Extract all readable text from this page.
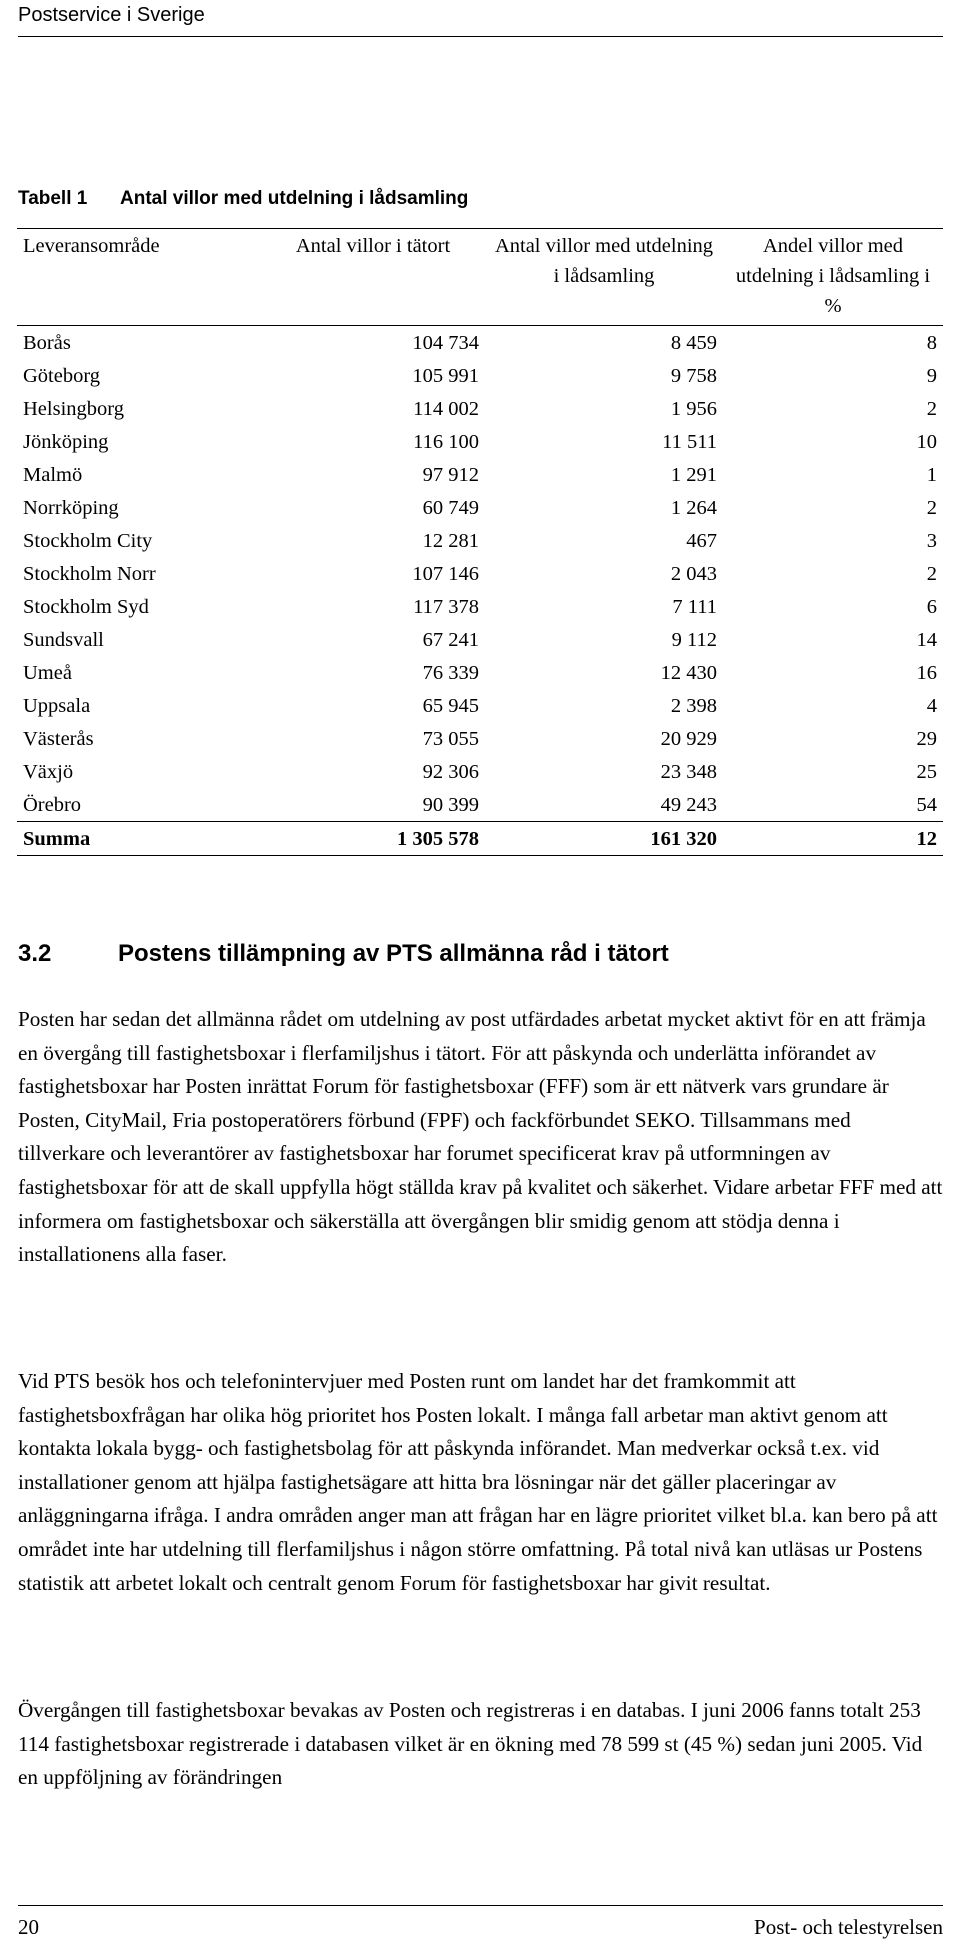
Postservice i Sverige
Tabell 1 Antal villor med utdelning i lådsamling
Leveransområde	Antal villor i tätort	Antal villor med utdelning i lådsamling	Andel villor med utdelning i lådsamling i %
Borås	104 734	8 459	8
Göteborg	105 991	9 758	9
Helsingborg	114 002	1 956	2
Jönköping	116 100	11 511	10
Malmö	97 912	1 291	1
Norrköping	60 749	1 264	2
Stockholm City	12 281	467	3
Stockholm Norr	107 146	2 043	2
Stockholm Syd	117 378	7 111	6
Sundsvall	67 241	9 112	14
Umeå	76 339	12 430	16
Uppsala	65 945	2 398	4
Västerås	73 055	20 929	29
Växjö	92 306	23 348	25
Örebro	90 399	49 243	54
Summa	1 305 578	161 320	12
3.2	Postens tillämpning av PTS allmänna råd i tätort

Posten har sedan det allmänna rådet om utdelning av post utfärdades arbetat mycket aktivt för en att främja en övergång till fastighetsboxar i flerfamiljshus i tätort. För att påskynda och underlätta införandet av fastighetsboxar har Posten inrättat Forum för fastighetsboxar (FFF) som är ett nätverk vars grundare är Posten, CityMail, Fria postoperatörers förbund (FPF) och fackförbundet SEKO. Tillsammans med tillverkare och leverantörer av fastighetsboxar har forumet specificerat krav på utformningen av fastighetsboxar för att de skall uppfylla högt ställda krav på kvalitet och säkerhet. Vidare arbetar FFF med att informera om fastighetsboxar och säkerställa att övergången blir smidig genom att stödja denna i installationens alla faser.

Vid PTS besök hos och telefonintervjuer med Posten runt om landet har det framkommit att fastighetsboxfrågan har olika hög prioritet hos Posten lokalt. I många fall arbetar man aktivt genom att kontakta lokala bygg- och fastighetsbolag för att påskynda införandet. Man medverkar också t.ex. vid installationer genom att hjälpa fastighetsägare att hitta bra lösningar när det gäller placeringar av anläggningarna ifråga. I andra områden anger man att frågan har en lägre prioritet vilket bl.a. kan bero på att området inte har utdelning till flerfamiljshus i någon större omfattning. På total nivå kan utläsas ur Postens statistik att arbetet lokalt och centralt genom Forum för fastighetsboxar har givit resultat.

Övergången till fastighetsboxar bevakas av Posten och registreras i en databas. I juni 2006 fanns totalt 253 114 fastighetsboxar registrerade i databasen vilket är en ökning med 78 599 st (45 %) sedan juni 2005. Vid en uppföljning av förändringen

20	Post- och telestyrelsen
